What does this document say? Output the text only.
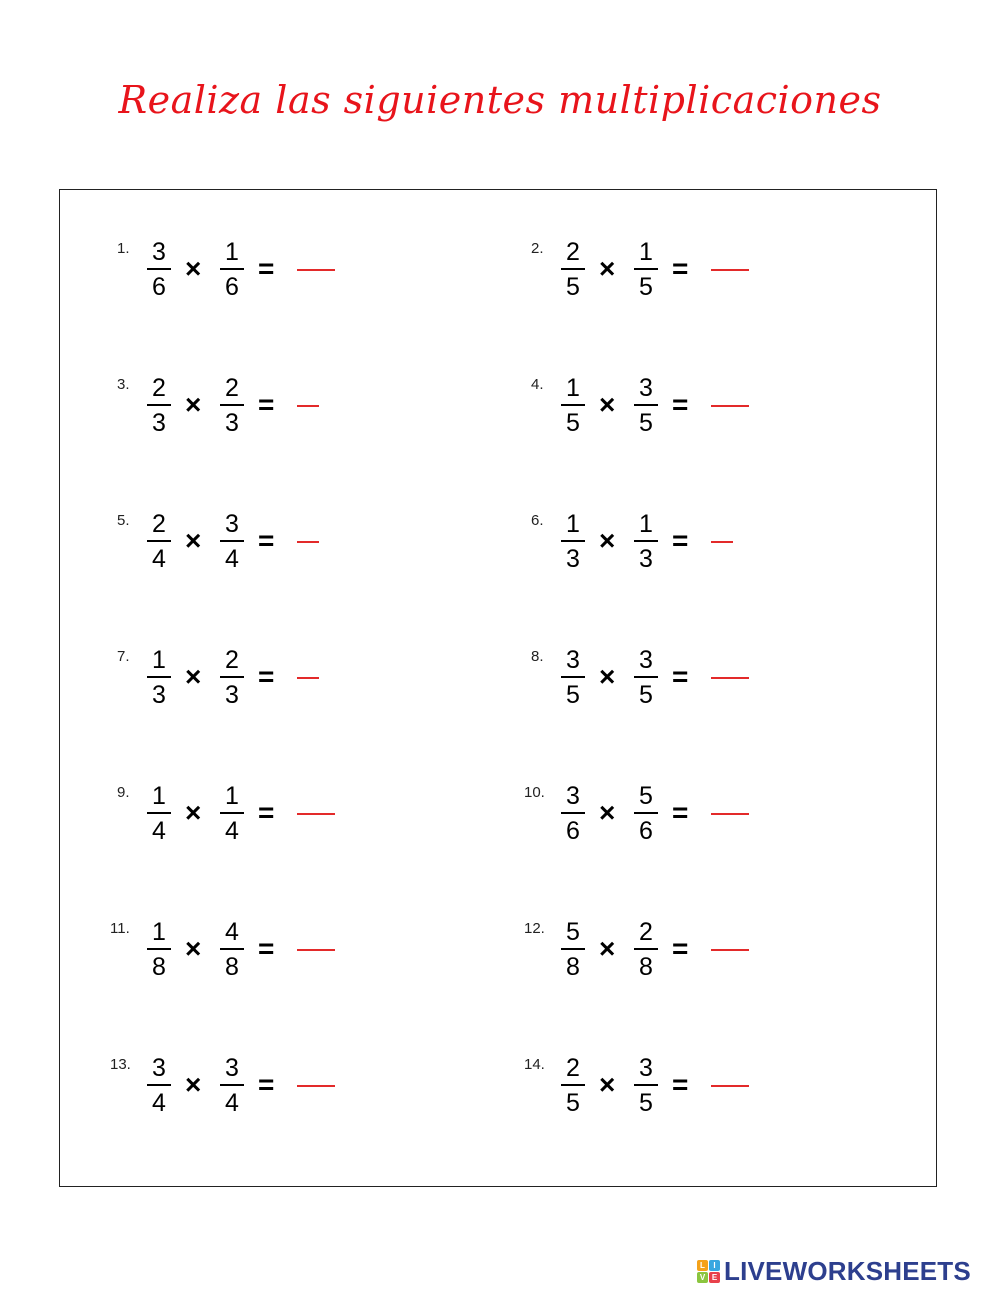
Realiza las siguientes multiplicaciones
1. 3
6
×
1
6
=
2. 2
5
×
1
5
=
3. 2
3
×
2
3
=
4. 1
5
×
3
5
=
5. 2
4
×
3
4
=
6. 1
3
×
1
3
=
7. 1
3
×
2
3
=
8. 3
5
×
3
5
=
9. 1
4
×
1
4
=
10. 3
6
×
5
6
=
11. 1
8
×
4
8
=
12. 5
8
×
2
8
=
13. 3
4
×
3
4
=
14. 2
5
×
3
5
=
L	I
V E LIVEWORKSHEETS
